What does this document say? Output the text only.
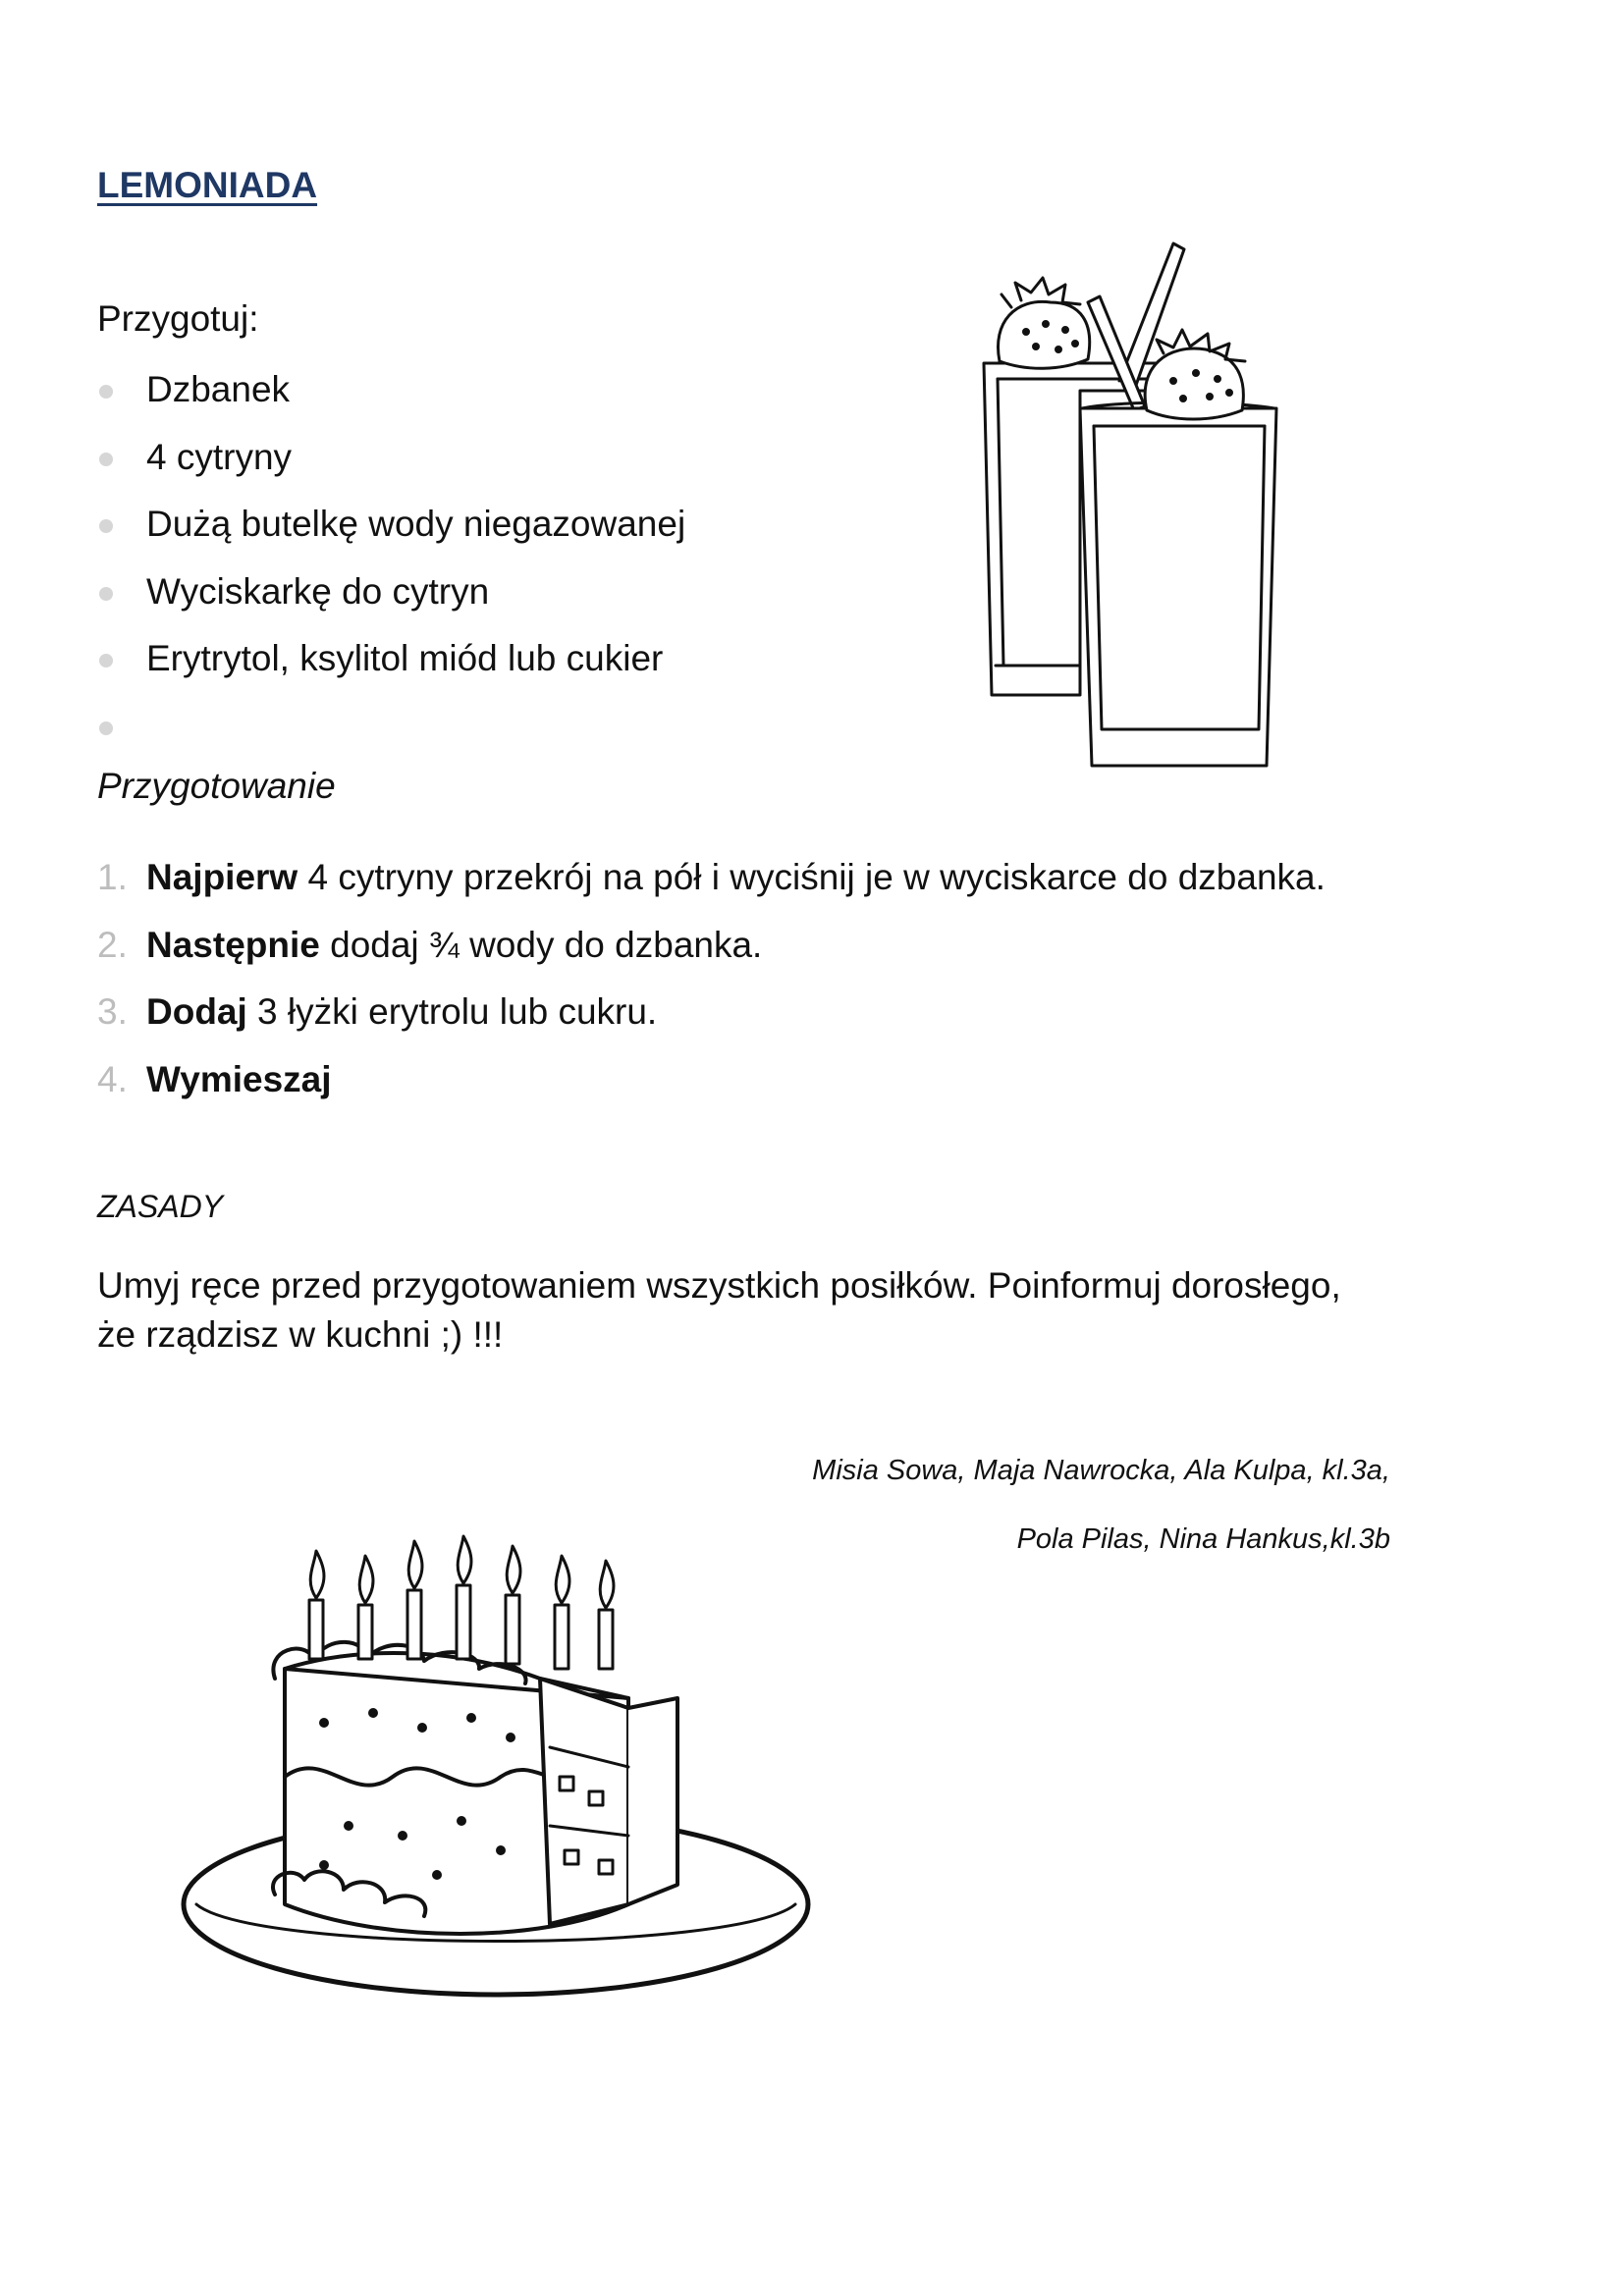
LEMONIADA
Przygotuj:
Dzbanek
4 cytryny
Dużą butelkę wody niegazowanej
Wyciskarkę do cytryn
Erytrytol, ksylitol miód lub cukier
Przygotowanie
1. Najpierw 4 cytryny przekrój na pół i wyciśnij je w wyciskarce do dzbanka.
2. Następnie dodaj ¾ wody do dzbanka.
3. Dodaj 3 łyżki erytrolu lub cukru.
4. Wymieszaj
ZASADY
Umyj ręce przed przygotowaniem wszystkich posiłków. Poinformuj dorosłego,
że rządzisz w kuchni ;) !!!
Misia Sowa, Maja Nawrocka, Ala Kulpa, kl.3a,
Pola Pilas, Nina Hankus,kl.3b
